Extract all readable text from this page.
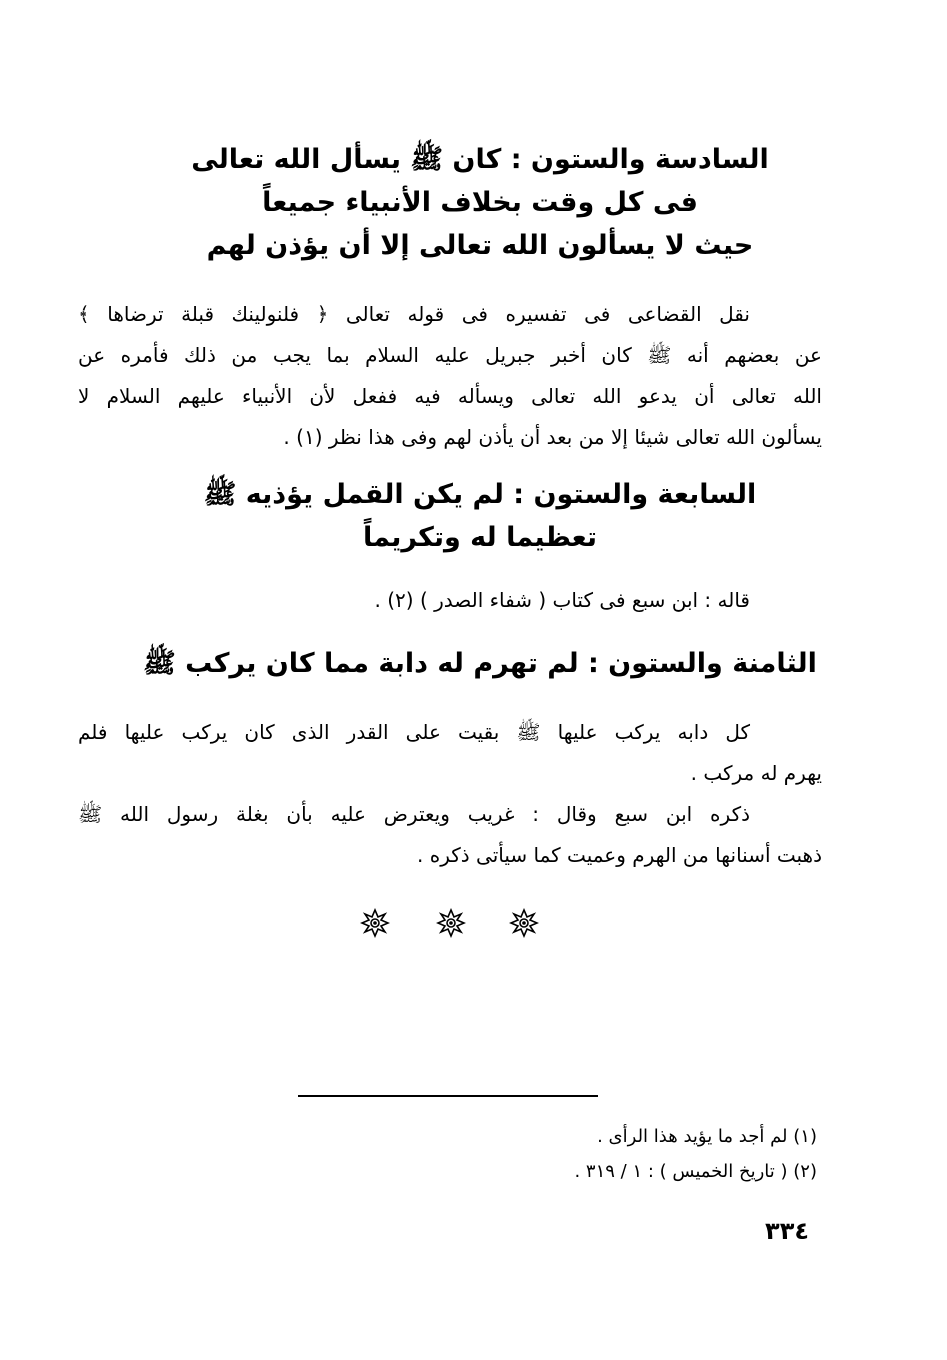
السادسة والستون : كان ﷺ يسأل الله تعالى
فى كل وقت بخلاف الأنبياء جميعاً
حيث لا يسألون الله تعالى إلا أن يؤذن لهم
نقل القضاعى فى تفسيره فى قوله تعالى ﴿ فلنولينك قبلة ترضاها ﴾
عن بعضهم أنه ﷺ كان أخبر جبريل عليه السلام بما يجب من ذلك فأمره عن
الله تعالى أن يدعو الله تعالى ويسأله فيه ففعل لأن الأنبياء عليهم السلام لا
يسألون الله تعالى شيئا إلا من بعد أن يأذن لهم وفى هذا نظر (١) .
السابعة والستون : لم يكن القمل يؤذيه ﷺ
تعظيما له وتكريماً
قاله : ابن سبع فى كتاب ( شفاء الصدر ) (٢) .
الثامنة والستون : لم تهرم له دابة مما كان يركب ﷺ
كل دابه يركب عليها ﷺ بقيت على القدر الذى كان يركب عليها فلم
يهرم له مركب .
ذكره ابن سبع وقال : غريب ويعترض عليه بأن بغلة رسول الله ﷺ
ذهبت أسنانها من الهرم وعميت كما سيأتى ذكره .
(١) لم أجد ما يؤيد هذا الرأى .
(٢) ( تاريخ الخميس ) : ١ / ٣١٩ .
٣٣٤
